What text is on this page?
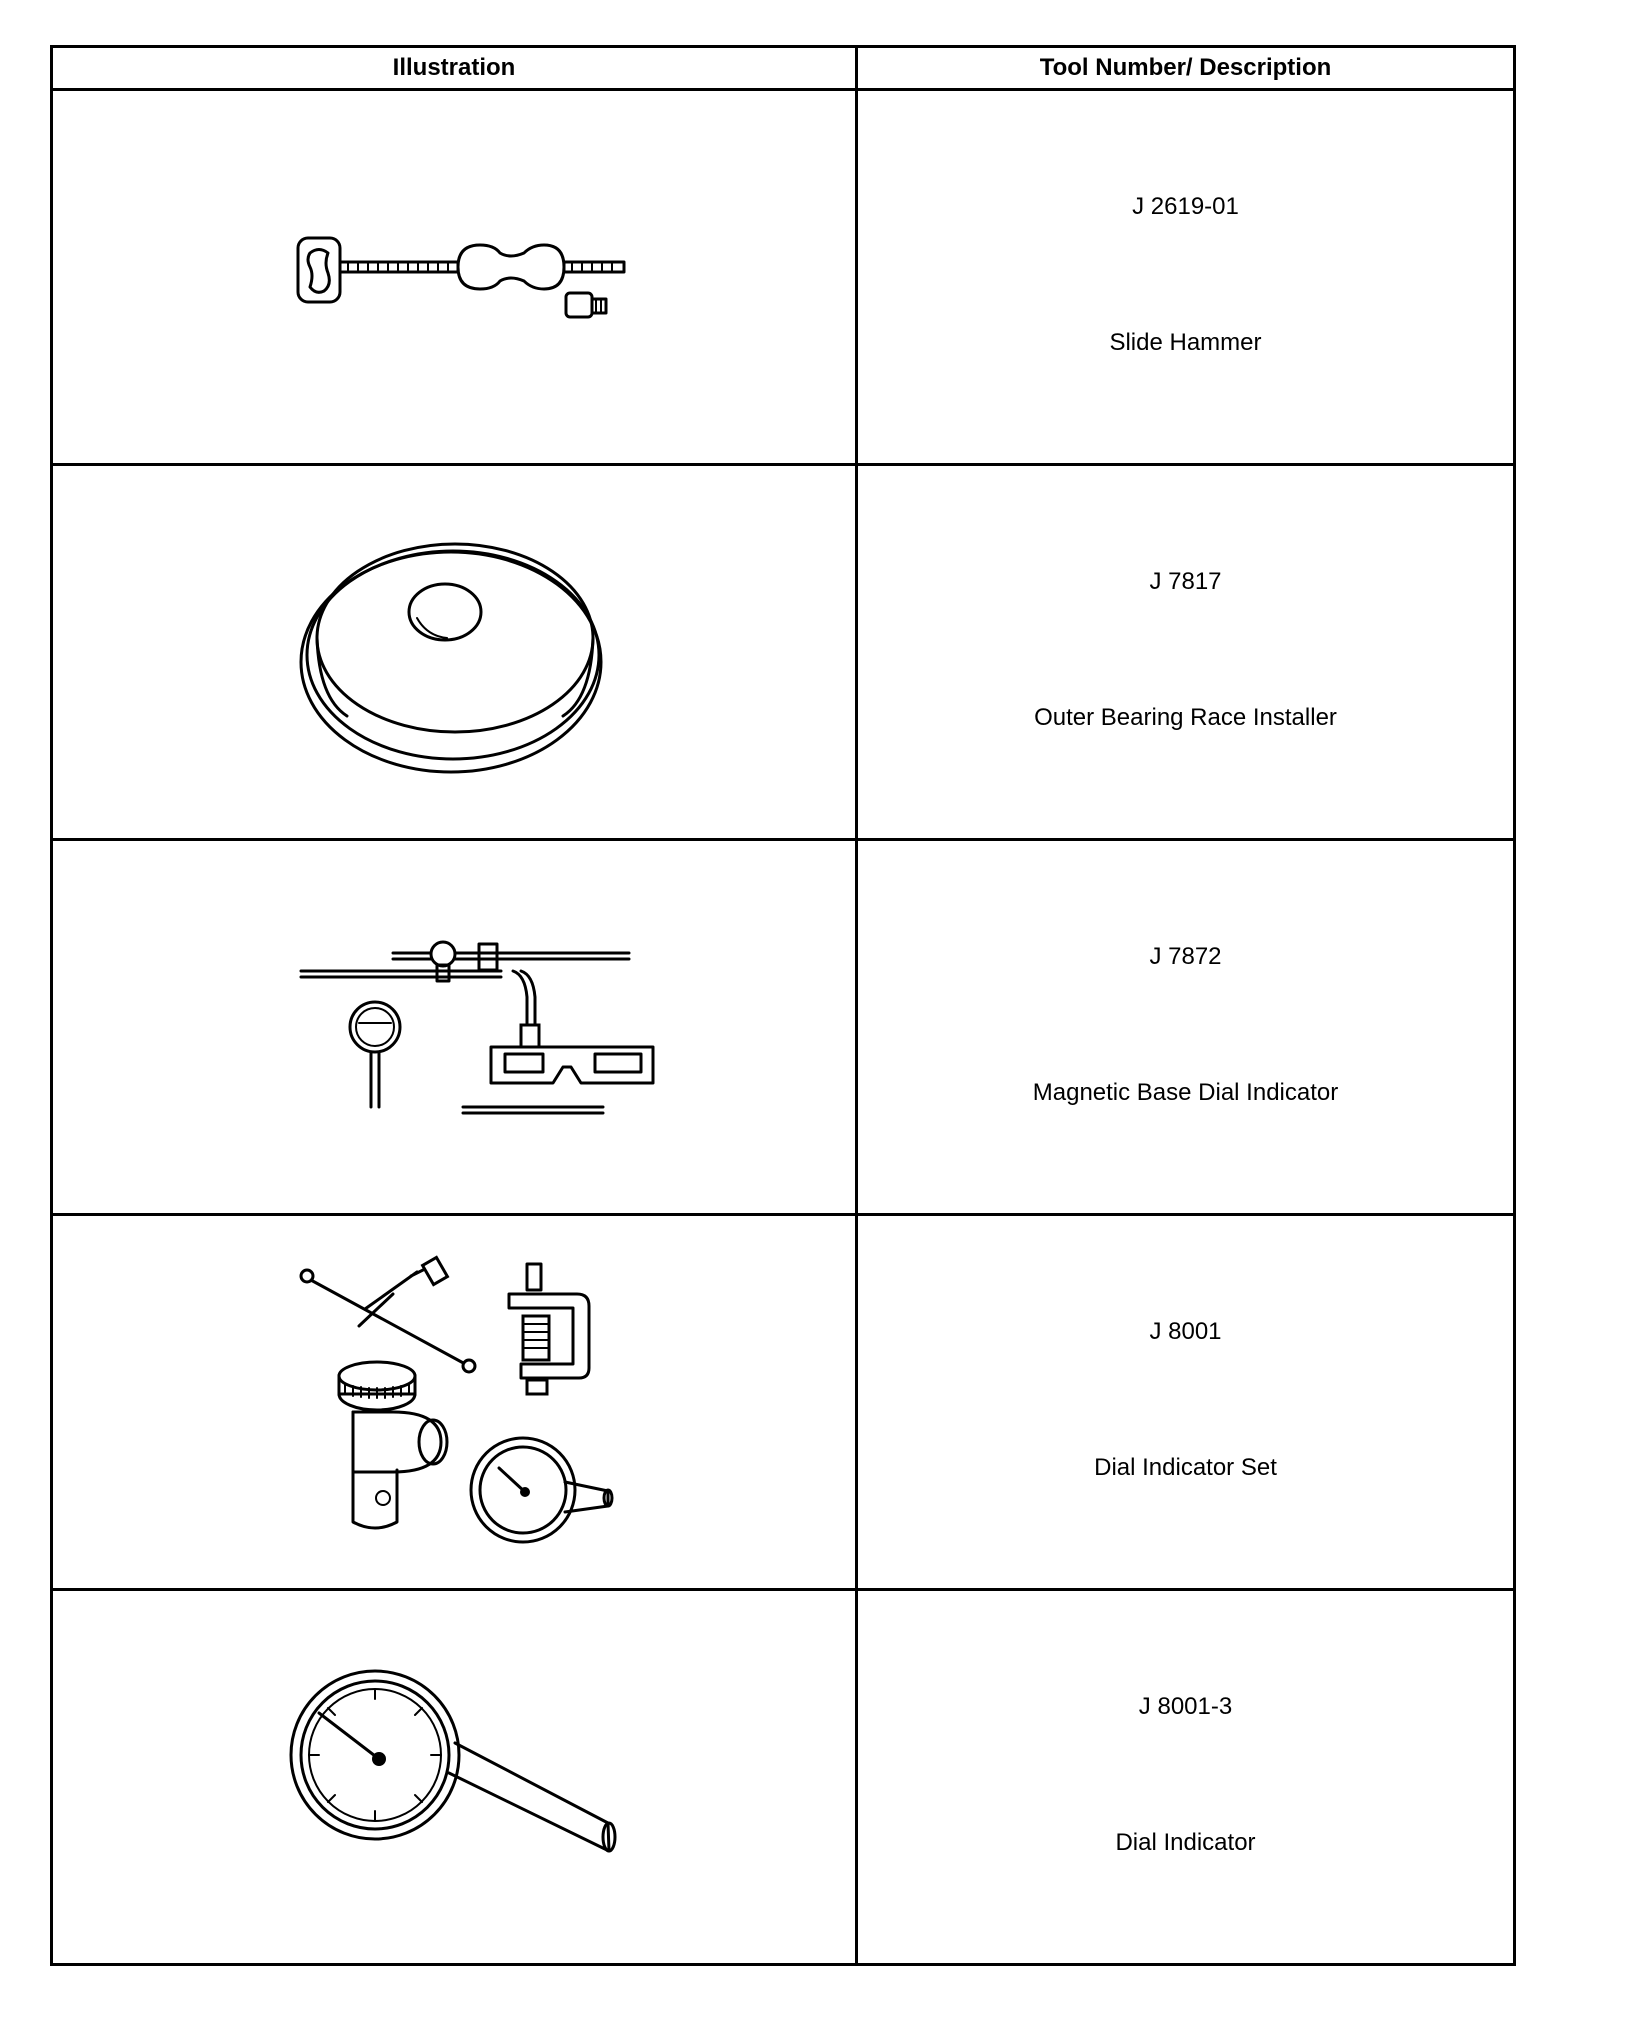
Illustration	Tool Number/ Description

J 2619-01
Slide Hammer

J 7817
Outer Bearing Race Installer

J 7872
Magnetic Base Dial Indicator

J 8001
Dial Indicator Set

J 8001-3
Dial Indicator
